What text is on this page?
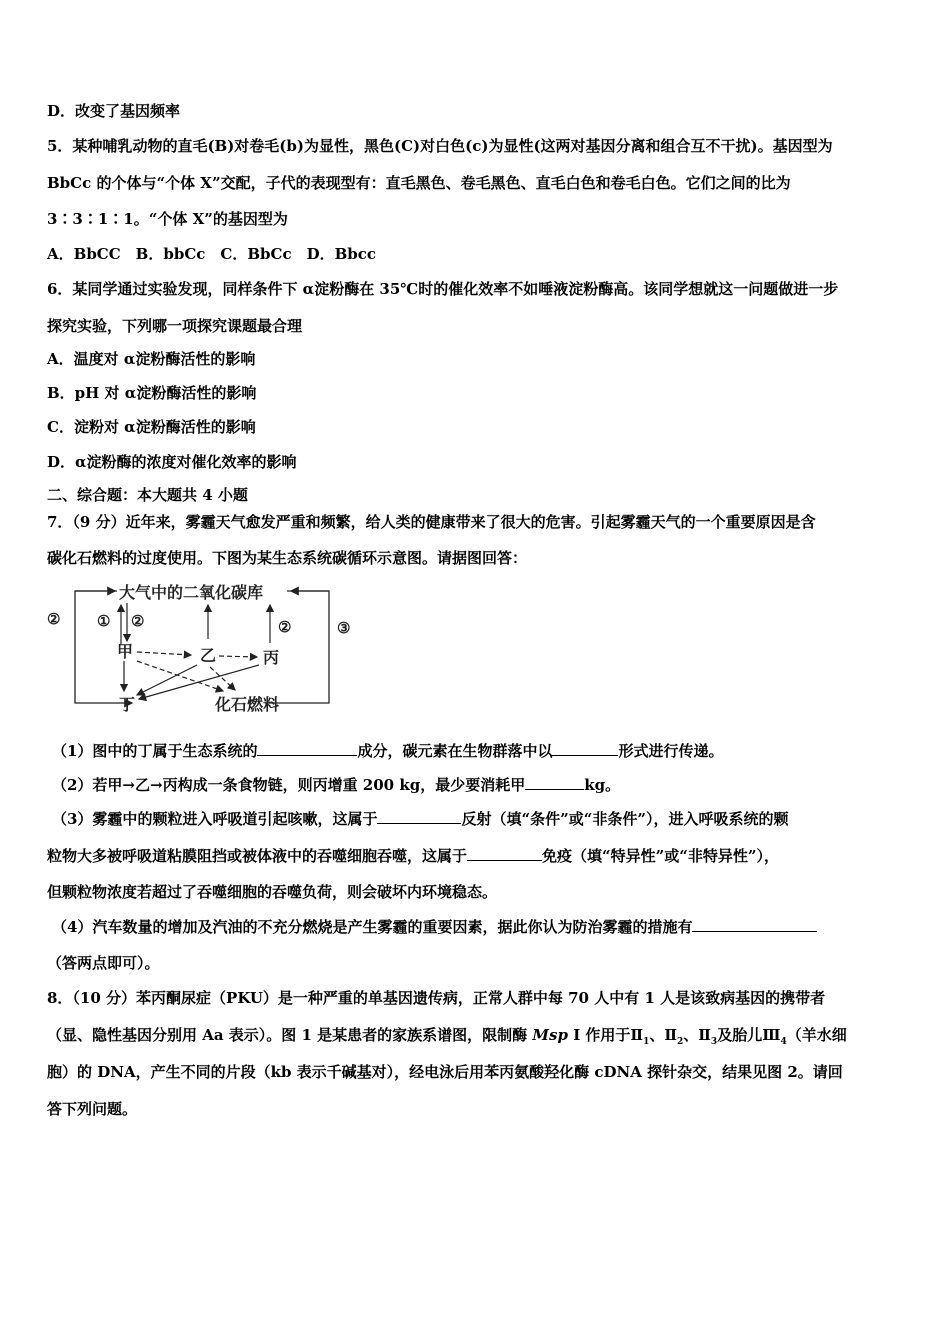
D．改变了基因频率
5．某种哺乳动物的直毛(B)对卷毛(b)为显性，黑色(C)对白色(c)为显性(这两对基因分离和组合互不干扰)。基因型为
BbCc 的个体与“个体 X”交配，子代的表现型有：直毛黑色、卷毛黑色、直毛白色和卷毛白色。它们之间的比为
3∶3∶1∶1。“个体 X”的基因型为
A．BbCC　B．bbCc　C．BbCc　D．Bbcc
6．某同学通过实验发现，同样条件下 α淀粉酶在 35℃时的催化效率不如唾液淀粉酶高。该同学想就这一问题做进一步
探究实验，下列哪一项探究课题最合理
A．温度对 α淀粉酶活性的影响
B．pH 对 α淀粉酶活性的影响
C．淀粉对 α淀粉酶活性的影响
D．α淀粉酶的浓度对催化效率的影响
二、综合题：本大题共 4 小题
7．（9 分）近年来，雾霾天气愈发严重和频繁，给人类的健康带来了很大的危害。引起雾霾天气的一个重要原因是含
碳化石燃料的过度使用。下图为某生态系统碳循环示意图。请据图回答：
大气中的二氧化碳库
② ① ②	②	③
甲	乙	丙
丁	化石燃料
（1）图中的丁属于生态系统的	成分，碳元素在生物群落中以	形式进行传递。
（2）若甲→乙→丙构成一条食物链，则丙增重 200 kg，最少要消耗甲	kg。
（3）雾霾中的颗粒进入呼吸道引起咳嗽，这属于	反射（填“条件”或“非条件”），进入呼吸系统的颗
粒物大多被呼吸道粘膜阻挡或被体液中的吞噬细胞吞噬，这属于	免疫（填“特异性”或“非特异性”），
但颗粒物浓度若超过了吞噬细胞的吞噬负荷，则会破坏内环境稳态。
（4）汽车数量的增加及汽油的不充分燃烧是产生雾霾的重要因素，据此你认为防治雾霾的措施有
（答两点即可）。
8．（10 分）苯丙酮尿症（PKU）是一种严重的单基因遗传病，正常人群中每 70 人中有 1 人是该致病基因的携带者
（显、隐性基因分别用 Aa 表示）。图 1 是某患者的家族系谱图，限制酶 Msp I 作用于$Ⅱ_1$、$Ⅱ_2$、$Ⅱ_3$及胎儿$Ⅲ_4$（羊水细
胞）的 DNA，产生不同的片段（kb 表示千碱基对），经电泳后用苯丙氨酸羟化酶 cDNA 探针杂交，结果见图 2。请回
答下列问题。
